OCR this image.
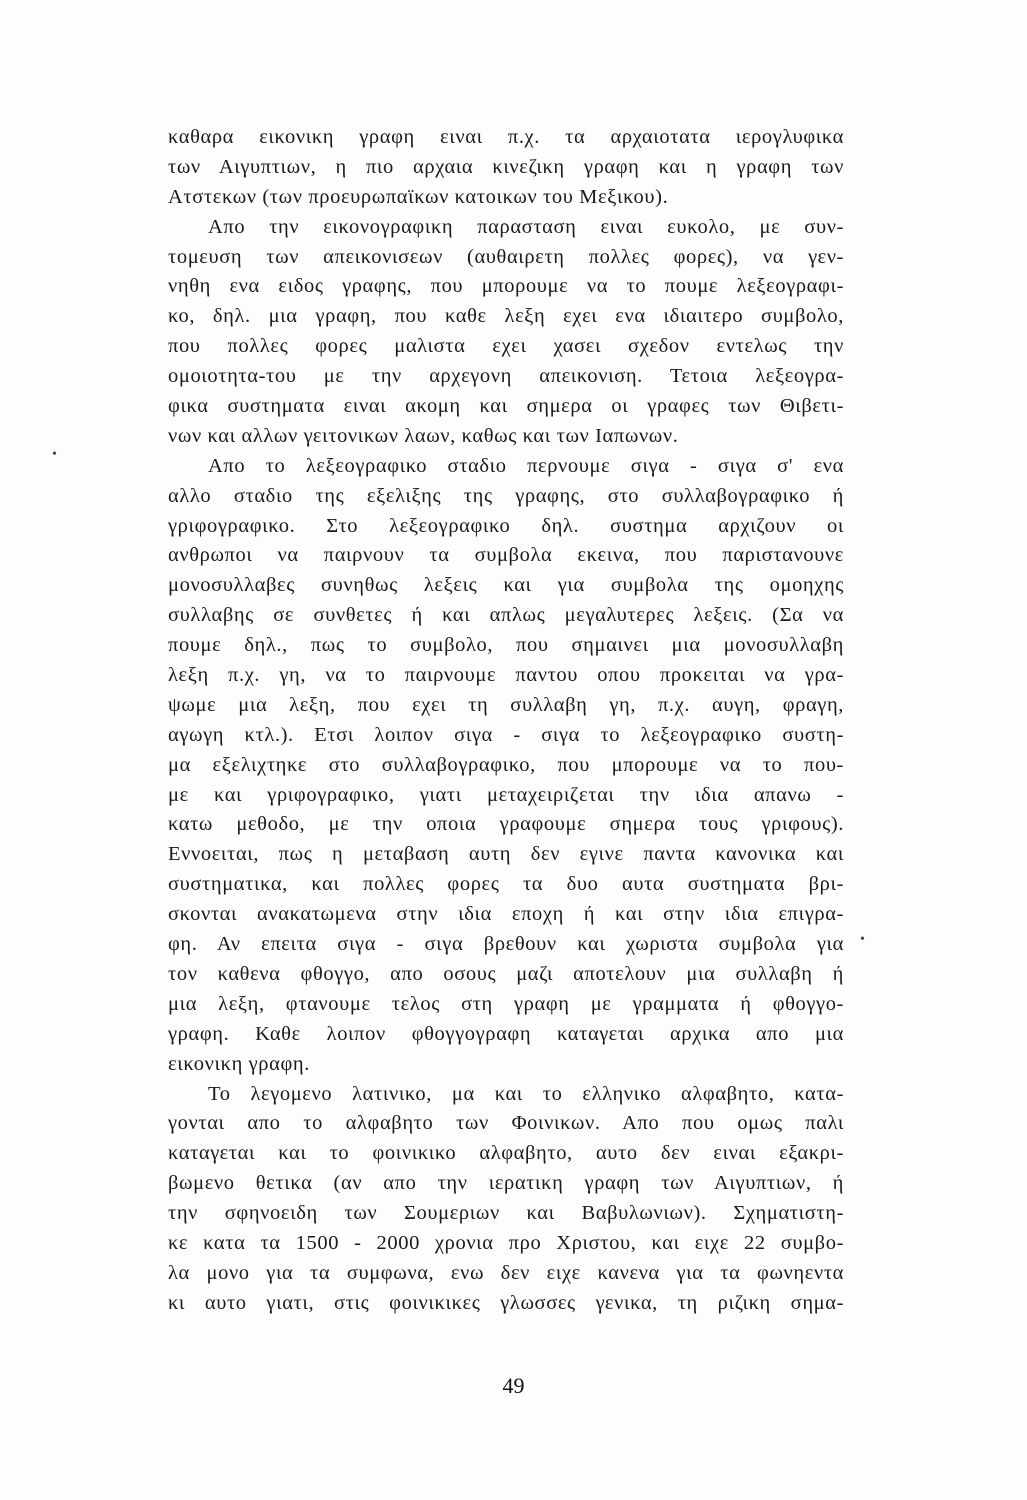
καθαρα εικονικη γραφη ειναι π.χ. τα αρχαιοτατα ιερογλυφικα
των Αιγυπτιων, η πιο αρχαια κινεζικη γραφη και η γραφη των
Ατστεκων (των προευρωπαϊκων κατοικων του Μεξικου).
Απο την εικονογραφικη παρασταση ειναι ευκολο, με συν-
τομευση των απεικονισεων (αυθαιρετη πολλες φορες), να γεν-
νηθη ενα ειδος γραφης, που μπορουμε να το πουμε λεξεογραφι-
κο, δηλ. μια γραφη, που καθε λεξη εχει ενα ιδιαιτερο συμβολο,
που πολλες φορες μαλιστα εχει χασει σχεδον εντελως την
ομοιοτητα-του με την αρχεγονη απεικονιση. Τετοια λεξεογρα-
φικα συστηματα ειναι ακομη και σημερα οι γραφες των Θιβετι-
νων και αλλων γειτονικων λαων, καθως και των Ιαπωνων.
Απο το λεξεογραφικο σταδιο περνουμε σιγα - σιγα σ' ενα
αλλο σταδιο της εξελιξης της γραφης, στο συλλαβογραφικο ή
γριφογραφικο. Στο λεξεογραφικο δηλ. συστημα αρχιζουν οι
ανθρωποι να παιρνουν τα συμβολα εκεινα, που παριστανουνε
μονοσυλλαβες συνηθως λεξεις και για συμβολα της ομοηχης
συλλαβης σε συνθετες ή και απλως μεγαλυτερες λεξεις. (Σα να
πουμε δηλ., πως το συμβολο, που σημαινει μια μονοσυλλαβη
λεξη π.χ. γη, να το παιρνουμε παντου οπου προκειται να γρα-
ψωμε μια λεξη, που εχει τη συλλαβη γη, π.χ. αυγη, φραγη,
αγωγη κτλ.). Ετσι λοιπον σιγα - σιγα το λεξεογραφικο συστη-
μα εξελιχτηκε στο συλλαβογραφικο, που μπορουμε να το που-
με και γριφογραφικο, γιατι μεταχειριζεται την ιδια απανω -
κατω μεθοδο, με την οποια γραφουμε σημερα τους γριφους).
Εννοειται, πως η μεταβαση αυτη δεν εγινε παντα κανονικα και
συστηματικα, και πολλες φορες τα δυο αυτα συστηματα βρι-
σκονται ανακατωμενα στην ιδια εποχη ή και στην ιδια επιγρα-
φη. Αν επειτα σιγα - σιγα βρεθουν και χωριστα συμβολα για
τον καθενα φθογγο, απο οσους μαζι αποτελουν μια συλλαβη ή
μια λεξη, φτανουμε τελος στη γραφη με γραμματα ή φθογγο-
γραφη. Καθε λοιπον φθογγογραφη καταγεται αρχικα απο μια
εικονικη γραφη.
Το λεγομενο λατινικο, μα και το ελληνικο αλφαβητο, κατα-
γονται απο το αλφαβητο των Φοινικων. Απο που ομως παλι
καταγεται και το φοινικικο αλφαβητο, αυτο δεν ειναι εξακρι-
βωμενο θετικα (αν απο την ιερατικη γραφη των Αιγυπτιων, ή
την σφηνοειδη των Σουμεριων και Βαβυλωνιων). Σχηματιστη-
κε κατα τα 1500 - 2000 χρονια προ Χριστου, και ειχε 22 συμβο-
λα μονο για τα συμφωνα, ενω δεν ειχε κανενα για τα φωνηεντα
κι αυτο γιατι, στις φοινικικες γλωσσες γενικα, τη ριζικη σημα-
49
•
•
